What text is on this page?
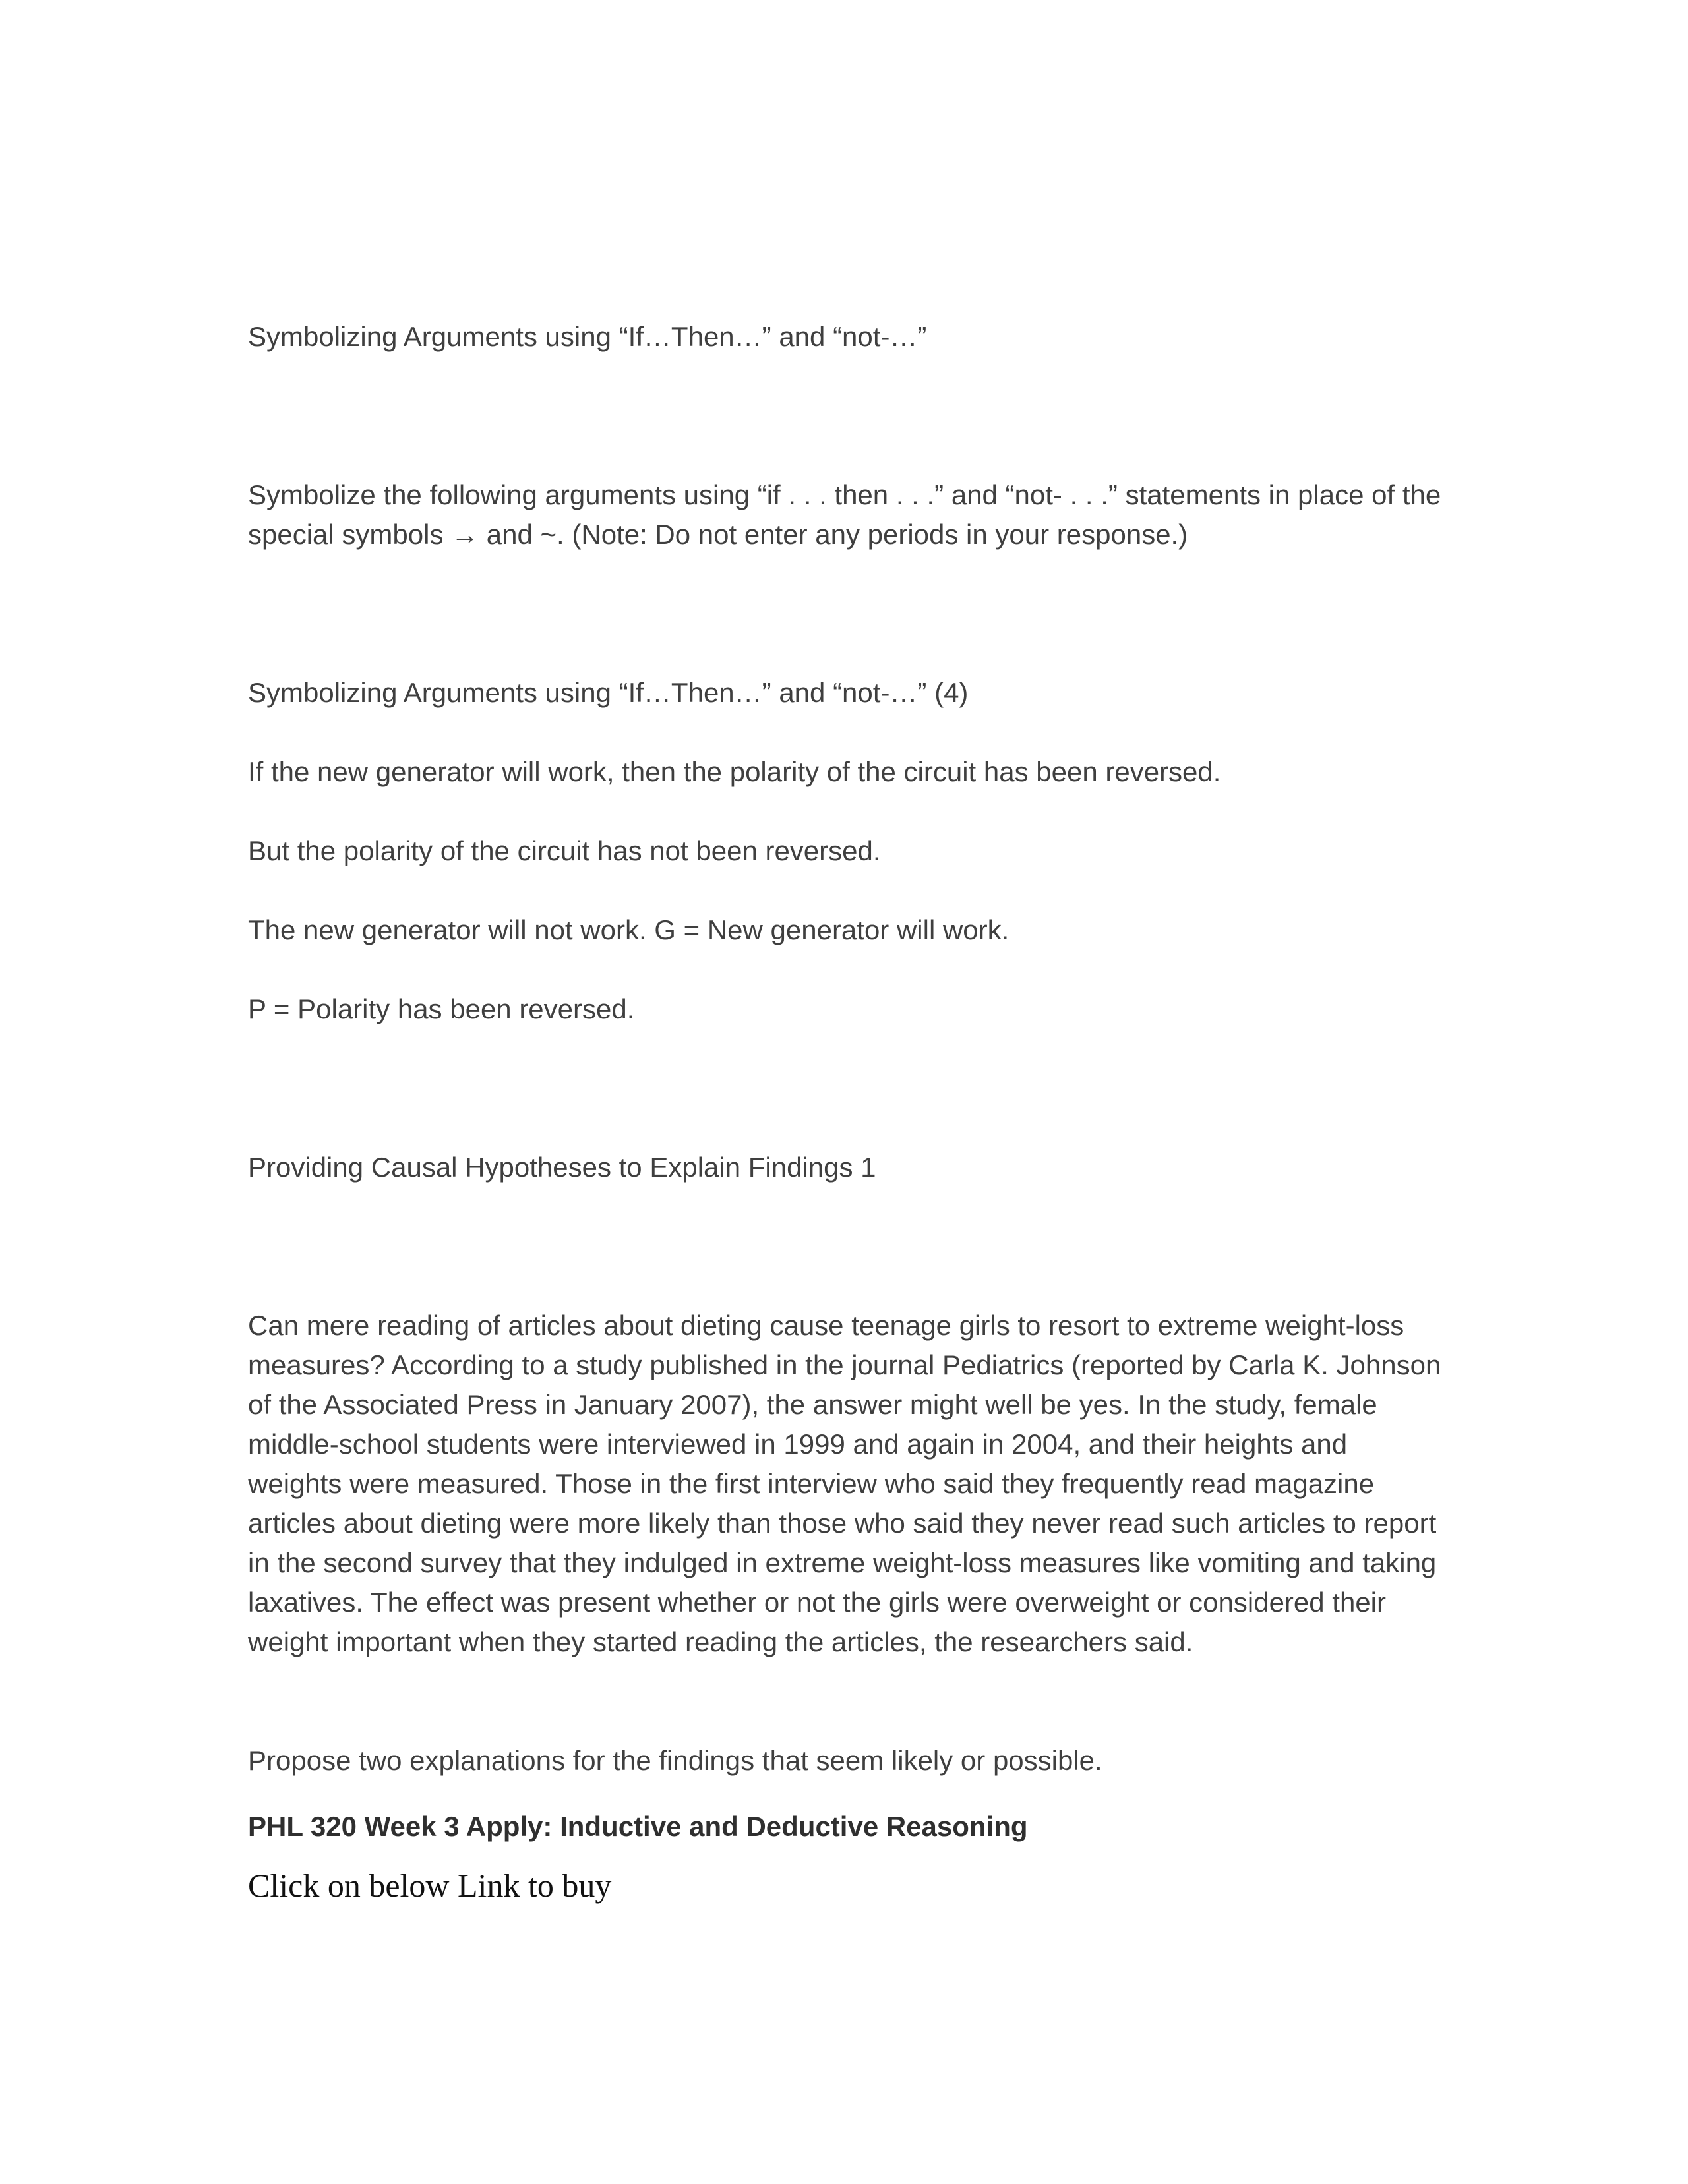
Symbolizing Arguments using “If…Then…” and “not-…”

Symbolize the following arguments using “if . . . then . . .” and “not- . . .” statements in place of the special symbols → and ~. (Note: Do not enter any periods in your response.)

Symbolizing Arguments using “If…Then…” and “not-…” (4)

If the new generator will work, then the polarity of the circuit has been reversed.

But the polarity of the circuit has not been reversed.

The new generator will not work. G = New generator will work.

P = Polarity has been reversed.

Providing Causal Hypotheses to Explain Findings 1

Can mere reading of articles about dieting cause teenage girls to resort to extreme weight-loss measures? According to a study published in the journal Pediatrics (reported by Carla K. Johnson of the Associated Press in January 2007), the answer might well be yes. In the study, female middle-school students were interviewed in 1999 and again in 2004, and their heights and weights were measured. Those in the first interview who said they frequently read magazine articles about dieting were more likely than those who said they never read such articles to report in the second survey that they indulged in extreme weight-loss measures like vomiting and taking laxatives. The effect was present whether or not the girls were overweight or considered their weight important when they started reading the articles, the researchers said.

Propose two explanations for the findings that seem likely or possible.

PHL 320 Week 3 Apply: Inductive and Deductive Reasoning

Click on below Link to buy
